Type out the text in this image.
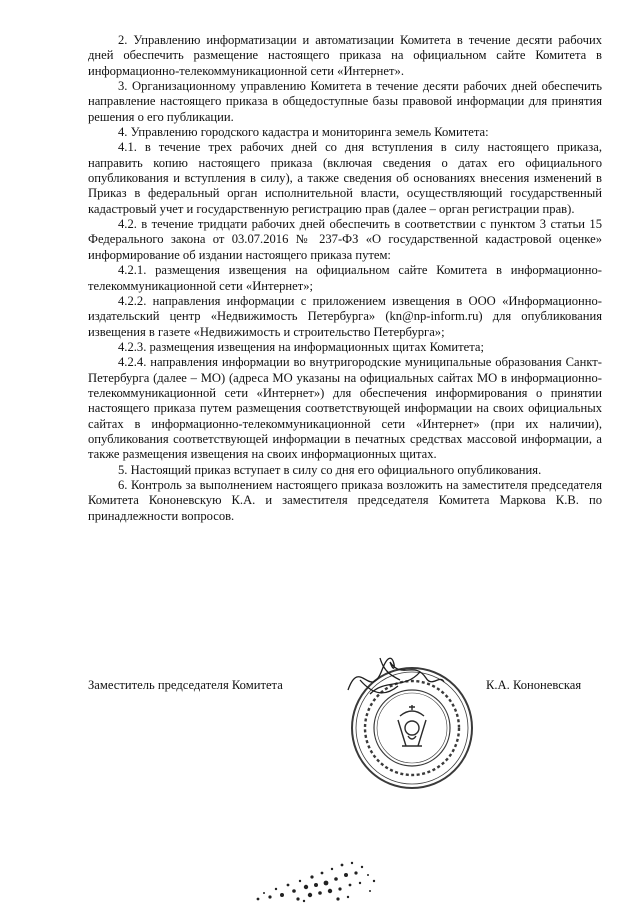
2. Управлению информатизации и автоматизации Комитета в течение десяти рабочих дней обеспечить размещение настоящего приказа на официальном сайте Комитета в информационно-телекоммуникационной сети «Интернет».

3. Организационному управлению Комитета в течение десяти рабочих дней обеспечить направление настоящего приказа в общедоступные базы правовой информации для принятия решения о его публикации.

4. Управлению городского кадастра и мониторинга земель Комитета:

4.1. в течение трех рабочих дней со дня вступления в силу настоящего приказа, направить копию настоящего приказа (включая сведения о датах его официального опубликования и вступления в силу), а также сведения об основаниях внесения изменений в Приказ в федеральный орган исполнительной власти, осуществляющий государственный кадастровый учет и государственную регистрацию прав (далее – орган регистрации прав).

4.2. в течение тридцати рабочих дней обеспечить в соответствии с пунктом 3 статьи 15 Федерального закона от 03.07.2016 № 237-ФЗ «О государственной кадастровой оценке» информирование об издании настоящего приказа путем:

4.2.1. размещения извещения на официальном сайте Комитета в информационно-телекоммуникационной сети «Интернет»;

4.2.2. направления информации с приложением извещения в ООО «Информационно-издательский центр «Недвижимость Петербурга» (kn@np-inform.ru) для опубликования извещения в газете «Недвижимость и строительство Петербурга»;

4.2.3. размещения извещения на информационных щитах Комитета;

4.2.4. направления информации во внутригородские муниципальные образования Санкт-Петербурга (далее – МО) (адреса МО указаны на официальных сайтах МО в информационно-телекоммуникационной сети «Интернет») для обеспечения информирования о принятии настоящего приказа путем размещения соответствующей информации на своих официальных сайтах в информационно-телекоммуникационной сети «Интернет» (при их наличии), опубликования соответствующей информации в печатных средствах массовой информации, а также размещения извещения на своих информационных щитах.

5. Настоящий приказ вступает в силу со дня его официального опубликования.

6. Контроль за выполнением настоящего приказа возложить на заместителя председателя Комитета Кононевскую К.А. и заместителя председателя Комитета Маркова К.В. по принадлежности вопросов.

Заместитель председателя Комитета	К.А. Кононевская
